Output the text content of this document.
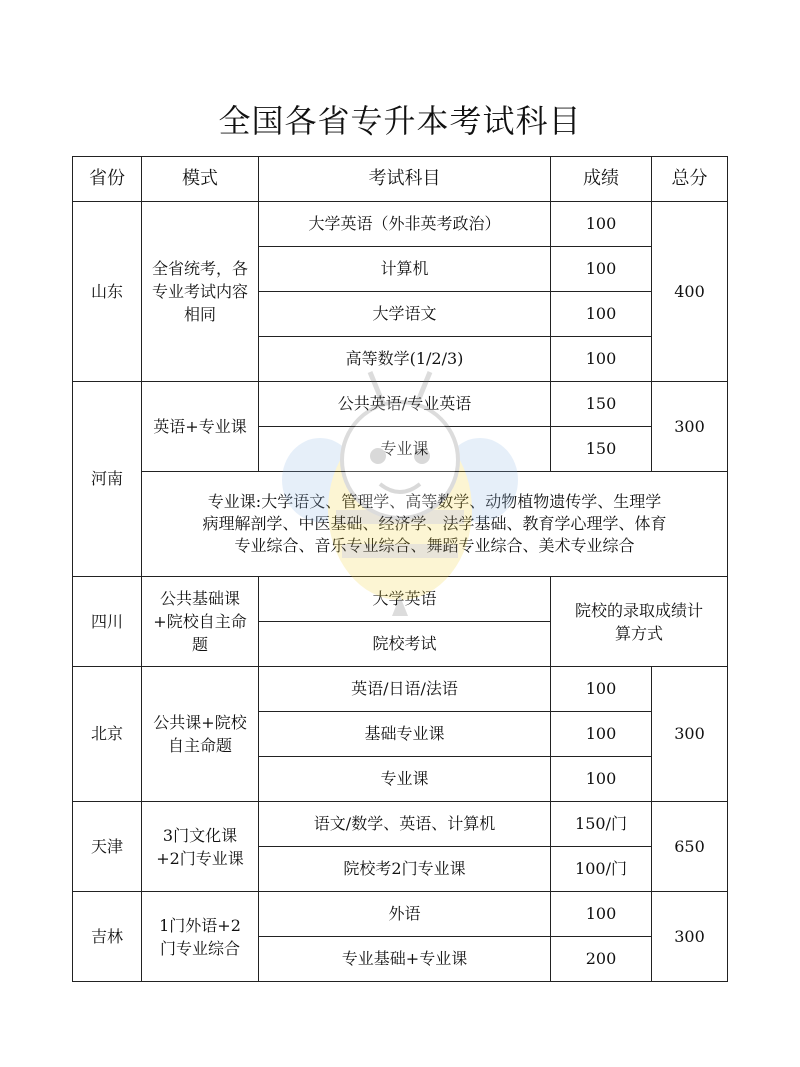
全国各省专升本考试科目
省份	模式	考试科目	成绩	总分
山东	全省统考，各专业考试内容相同	大学英语（外非英考政治）	100	400
		计算机	100	
		大学语文	100	
		高等数学(1/2/3)	100	
河南	英语+专业课	公共英语/专业英语	150	300
		专业课	150	

	专业课:大学语文、管理学、高等数学、动物植物遗传学、生理学
病理解剖学、中医基础、经济学、法学基础、教育学心理学、体育
专业综合、音乐专业综合、舞蹈专业综合、美术专业综合			

四川	公共基础课+院校自主命题	大学英语	院校的录取成绩计算方式	
		院校考试		
北京	公共课+院校自主命题	英语/日语/法语	100	300
		基础专业课	100	
		专业课	100	
天津	3门文化课+2门专业课	语文/数学、英语、计算机	150/门	650
		院校考2门专业课	100/门	
吉林	1门外语+2门专业综合	外语	100	300
		专业基础+专业课	200	
